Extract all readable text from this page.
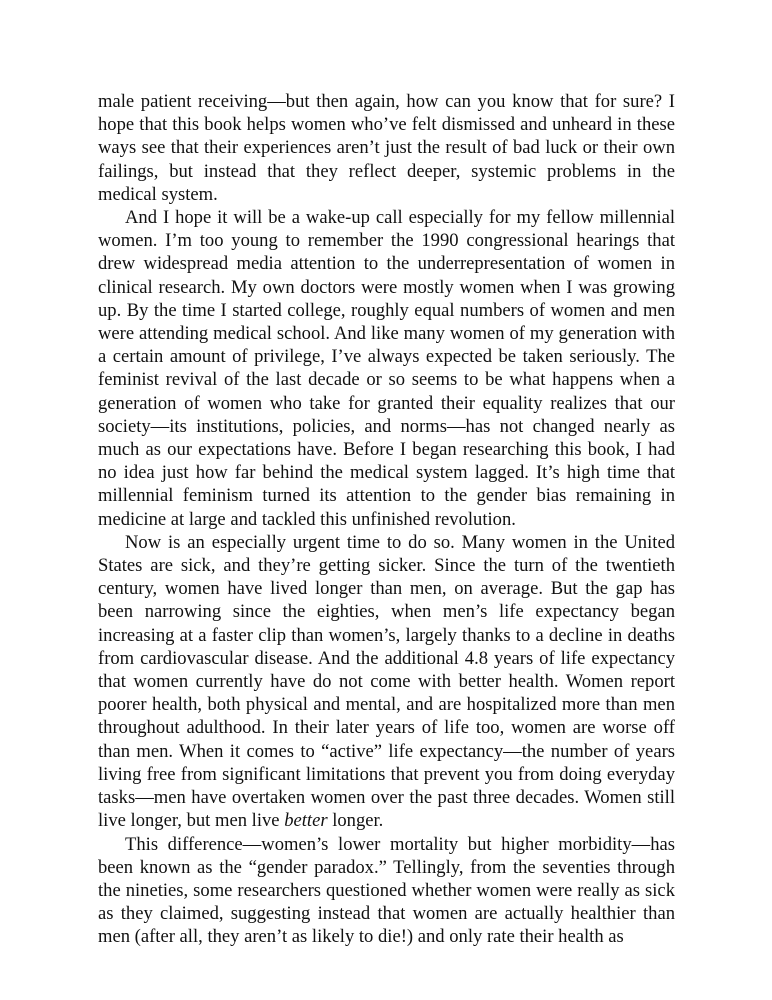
male patient receiving—but then again, how can you know that for sure? I hope that this book helps women who’ve felt dismissed and unheard in these ways see that their experiences aren’t just the result of bad luck or their own failings, but instead that they reflect deeper, systemic problems in the medical system.

And I hope it will be a wake-up call especially for my fellow millennial women. I’m too young to remember the 1990 congressional hearings that drew widespread media attention to the underrepresentation of women in clinical research. My own doctors were mostly women when I was growing up. By the time I started college, roughly equal numbers of women and men were attending medical school. And like many women of my generation with a certain amount of privilege, I’ve always expected be taken seriously. The feminist revival of the last decade or so seems to be what happens when a generation of women who take for granted their equality realizes that our society—its institutions, policies, and norms—has not changed nearly as much as our expectations have. Before I began researching this book, I had no idea just how far behind the medical system lagged. It’s high time that millennial feminism turned its attention to the gender bias remaining in medicine at large and tackled this unfinished revolution.

Now is an especially urgent time to do so. Many women in the United States are sick, and they’re getting sicker. Since the turn of the twentieth century, women have lived longer than men, on average. But the gap has been narrowing since the eighties, when men’s life expectancy began increasing at a faster clip than women’s, largely thanks to a decline in deaths from cardiovascular disease. And the additional 4.8 years of life expectancy that women currently have do not come with better health. Women report poorer health, both physical and mental, and are hospitalized more than men throughout adulthood. In their later years of life too, women are worse off than men. When it comes to “active” life expectancy—the number of years living free from significant limitations that prevent you from doing everyday tasks—men have overtaken women over the past three decades. Women still live longer, but men live better longer.

This difference—women’s lower mortality but higher morbidity—has been known as the “gender paradox.” Tellingly, from the seventies through the nineties, some researchers questioned whether women were really as sick as they claimed, suggesting instead that women are actually healthier than men (after all, they aren’t as likely to die!) and only rate their health as
